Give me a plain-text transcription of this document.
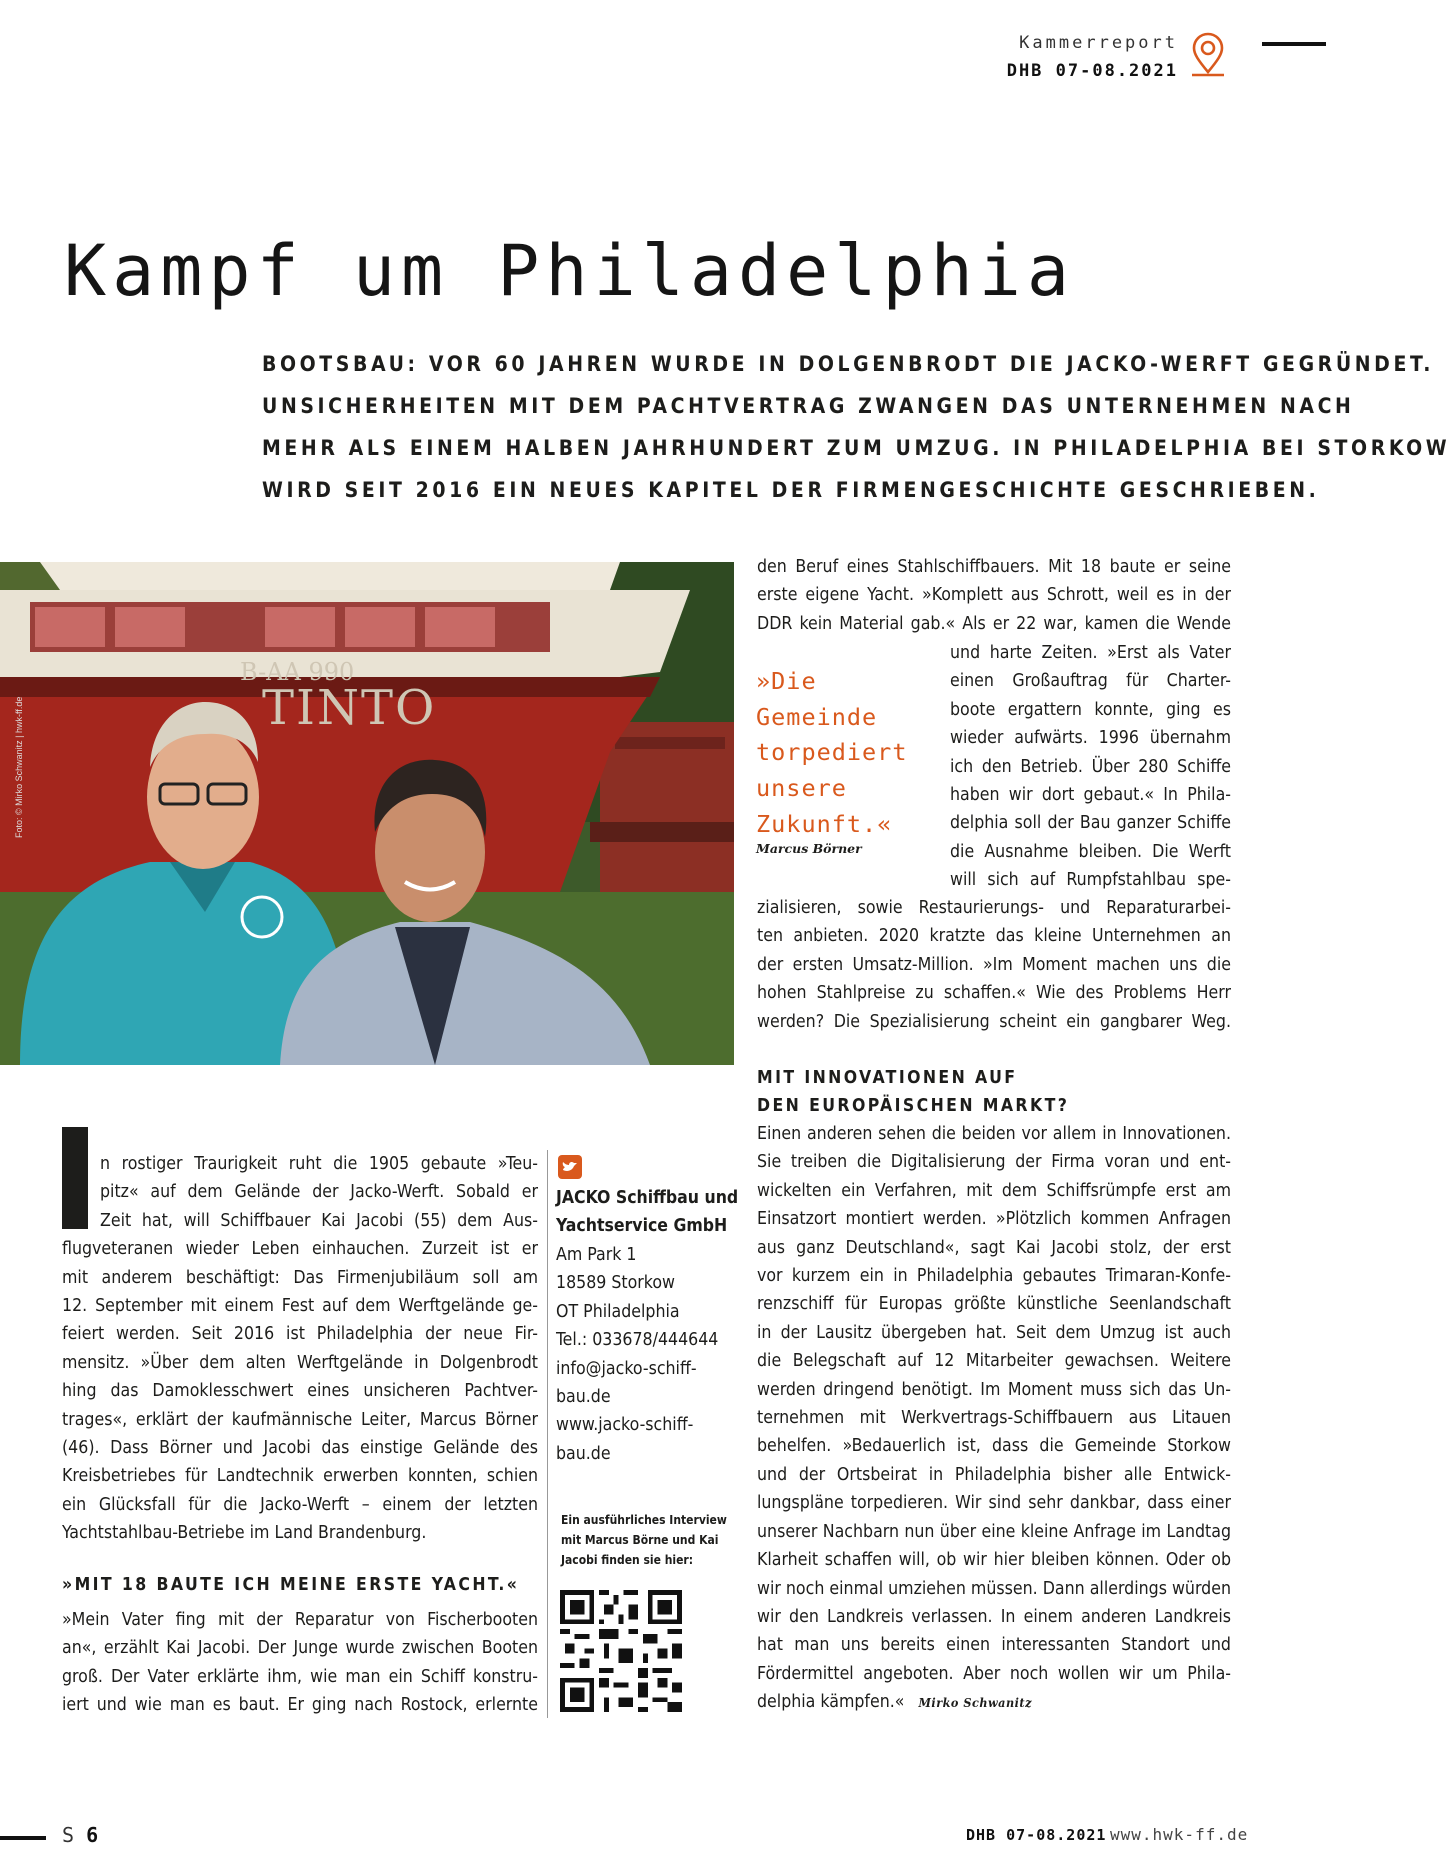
Kammerreport
DHB 07-08.2021
Kampf um Philadelphia
BOOTSBAU: VOR 60 JAHREN WURDE IN DOLGENBRODT DIE JACKO-WERFT GEGRÜNDET.
UNSICHERHEITEN MIT DEM PACHTVERTRAG ZWANGEN DAS UNTERNEHMEN NACH
MEHR ALS EINEM HALBEN JAHRHUNDERT ZUM UMZUG. IN PHILADELPHIA BEI STORKOW
WIRD SEIT 2016 EIN NEUES KAPITEL DER FIRMENGESCHICHTE GESCHRIEBEN.
B-AA 990
TINTO
Foto: © Mirko Schwanitz | hwk-ff.de
n rostiger Traurigkeit ruht die 1905 gebaute »Teu-
pitz« auf dem Gelände der Jacko-Werft. Sobald er
Zeit hat, will Schiffbauer Kai Jacobi (55) dem Aus-
flugveteranen wieder Leben einhauchen. Zurzeit ist er
mit anderem beschäftigt: Das Firmenjubiläum soll am
12. September mit einem Fest auf dem Werftgelände ge-
feiert werden. Seit 2016 ist Philadelphia der neue Fir-
mensitz. »Über dem alten Werftgelände in Dolgenbrodt
hing das Damoklesschwert eines unsicheren Pachtver-
trages«, erklärt der kaufmännische Leiter, Marcus Börner
(46). Dass Börner und Jacobi das einstige Gelände des
Kreisbetriebes für Landtechnik erwerben konnten, schien
ein Glücksfall für die Jacko-Werft – einem der letzten
Yachtstahlbau-Betriebe im Land Brandenburg.
»MIT 18 BAUTE ICH MEINE ERSTE YACHT.«
»Mein Vater fing mit der Reparatur von Fischerbooten
an«, erzählt Kai Jacobi. Der Junge wurde zwischen Booten
groß. Der Vater erklärte ihm, wie man ein Schiff konstru-
iert und wie man es baut. Er ging nach Rostock, erlernte
JACKO Schiffbau und
Yachtservice GmbH
Am Park 1
18589 Storkow
OT Philadelphia
Tel.: 033678/444644
info@jacko-schiff-
bau.de
www.jacko-schiff-
bau.de
Ein ausführliches Interview
mit Marcus Börne und Kai
Jacobi finden sie hier:
den Beruf eines Stahlschiffbauers. Mit 18 baute er seine
erste eigene Yacht. »Komplett aus Schrott, weil es in der
DDR kein Material gab.« Als er 22 war, kamen die Wende
»Die
Gemeinde
torpediert
unsere
Zukunft.«
Marcus Börner
und harte Zeiten. »Erst als Vater
einen Großauftrag für Charter-
boote ergattern konnte, ging es
wieder aufwärts. 1996 übernahm
ich den Betrieb. Über 280 Schiffe
haben wir dort gebaut.« In Phila-
delphia soll der Bau ganzer Schiffe
die Ausnahme bleiben. Die Werft
will sich auf Rumpfstahlbau spe-
zialisieren, sowie Restaurierungs- und Reparaturarbei-
ten anbieten. 2020 kratzte das kleine Unternehmen an
der ersten Umsatz-Million. »Im Moment machen uns die
hohen Stahlpreise zu schaffen.« Wie des Problems Herr
werden? Die Spezialisierung scheint ein gangbarer Weg.
MIT INNOVATIONEN AUF
DEN EUROPÄISCHEN MARKT?
Einen anderen sehen die beiden vor allem in Innovationen.
Sie treiben die Digitalisierung der Firma voran und ent-
wickelten ein Verfahren, mit dem Schiffsrümpfe erst am
Einsatzort montiert werden. »Plötzlich kommen Anfragen
aus ganz Deutschland«, sagt Kai Jacobi stolz, der erst
vor kurzem ein in Philadelphia gebautes Trimaran-Konfe-
renzschiff für Europas größte künstliche Seenlandschaft
in der Lausitz übergeben hat. Seit dem Umzug ist auch
die Belegschaft auf 12 Mitarbeiter gewachsen. Weitere
werden dringend benötigt. Im Moment muss sich das Un-
ternehmen mit Werkvertrags-Schiffbauern aus Litauen
behelfen. »Bedauerlich ist, dass die Gemeinde Storkow
und der Ortsbeirat in Philadelphia bisher alle Entwick-
lungspläne torpedieren. Wir sind sehr dankbar, dass einer
unserer Nachbarn nun über eine kleine Anfrage im Landtag
Klarheit schaffen will, ob wir hier bleiben können. Oder ob
wir noch einmal umziehen müssen. Dann allerdings würden
wir den Landkreis verlassen. In einem anderen Landkreis
hat man uns bereits einen interessanten Standort und
Fördermittel angeboten. Aber noch wollen wir um Phila-
delphia kämpfen.« Mirko Schwanitz
S 6	DHB 07-08.2021 www.hwk-ff.de
